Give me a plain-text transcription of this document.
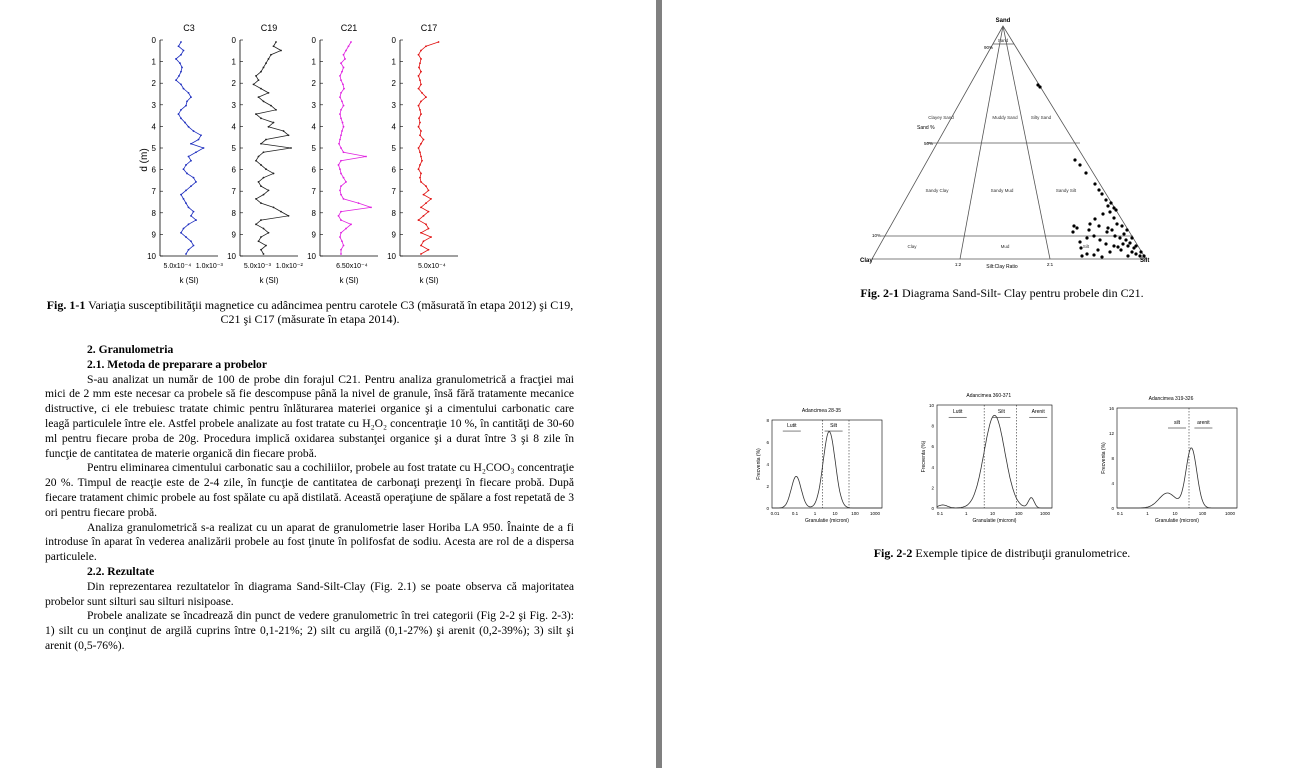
d (m)
C3
0
1
2
3
4
5
6
7
8
9
10
5.0x10⁻⁴ 1.0x10⁻³
k (SI)
C19
0
1
2
3
4
5
6
7
8
9
10
5.0x10⁻³ 1.0x10⁻²
k (SI)
C21
0
1
2
3
4
5
6
7
8
9
10
6.50x10⁻⁴
k (SI)
C17
0
1
2
3
4
5
6
7
8
9
10
5.0x10⁻⁴
k (SI)
Fig. 1-1 Variaţia susceptibilităţii magnetice cu adâncimea pentru carotele C3 (măsurată în etapa 2012) şi C19, C21 şi C17 (măsurate în etapa 2014).

2. Granulometria

2.1. Metoda de preparare a probelor

S-au analizat un număr de 100 de probe din forajul C21. Pentru analiza granulometrică a fracţiei mai mici de 2 mm este necesar ca probele să fie descompuse până la nivel de granule, însă fără tratamente mecanice distructive, ci ele trebuiesc tratate chimic pentru înlăturarea materiei organice şi a cimentului carbonatic care leagă particulele între ele. Astfel probele analizate au fost tratate cu H₂O₂ concentraţie 10 %, în cantităţi de 30-60 ml pentru fiecare proba de 20g. Procedura implică oxidarea substanţei organice şi a durat între 3 şi 8 zile în funcţie de cantitatea de materie organică din fiecare probă.

Pentru eliminarea cimentului carbonatic sau a cochiliilor, probele au fost tratate cu H₂COO₃ concentraţie 20 %. Timpul de reacţie este de 2-4 zile, în funcţie de cantitatea de carbonaţi prezenţi în fiecare probă. După fiecare tratament chimic probele au fost spălate cu apă distilată. Această operaţiune de spălare a fost repetată de 3 ori pentru fiecare probă.

Analiza granulometrică s-a realizat cu un aparat de granulometrie laser Horiba LA 950. Înainte de a fi introduse în aparat în vederea analizării probele au fost ţinute în polifosfat de sodiu. Acesta are rol de a dispersa particulele.

2.2. Rezultate

Din reprezentarea rezultatelor în diagrama Sand-Silt-Clay (Fig. 2.1) se poate observa că majoritatea probelor sunt silturi sau silturi nisipoase.

Probele analizate se încadrează din punct de vedere granulometric în trei categorii (Fig 2-2 şi Fig. 2-3): 1) silt cu un conţinut de argilă cuprins între 0,1-21%; 2) silt cu argilă (0,1-27%) şi arenit (0,2-39%); 3) silt şi arenit (0,5-76%).

Sand
Clay	Silt
Sand %
Silt:Clay Ratio
90%
50%
10%
1:2	2:1
Sand
Clayey Sand	Muddy Sand	Silty Sand
Sandy Clay	Sandy Mud	Sandy Silt
Clay	Mud	Silt
Fig. 2-1 Diagrama Sand-Silt- Clay pentru probele din C21.
Adancimea 28-35
8
6
4
2
0
0.01	0.1	1	10	100 1000
Granulatie (microni)
Frecventa (%)
Lutit	Silt
Adancimea 360-371
10
8
6
4
2
0
0.1	1	10	100	1000
Granulatie (microni)
Frecventa (%)
Lutit	Silt	Arenit
Adancimea 319-326
16
12
8
4
0
0.1	1	10	100	1000
Granulatie (microni)
Frecventa (%)
silt	arenit
Fig. 2-2 Exemple tipice de distribuţii granulometrice.
